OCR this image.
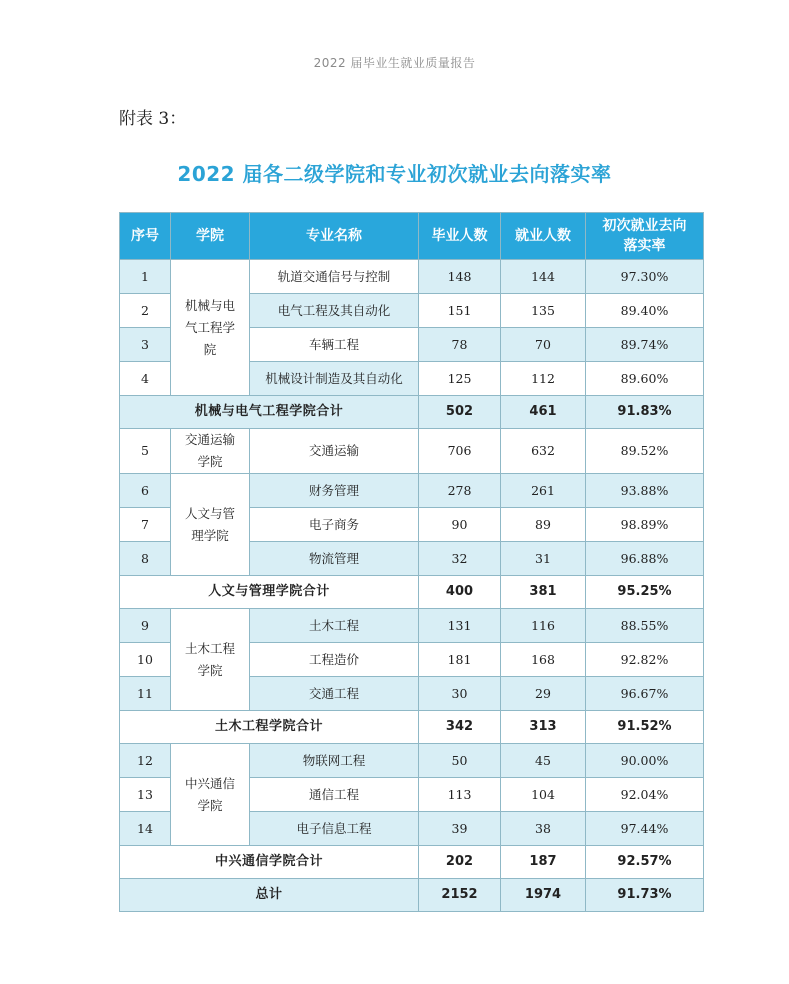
2022 届毕业生就业质量报告
附表 3：
2022 届各二级学院和专业初次就业去向落实率
序号	学院	专业名称	毕业人数	就业人数	初次就业去向落实率
1	机械与电气工程学院	轨道交通信号与控制	148	144	97.30%
2		电气工程及其自动化	151	135	89.40%
3		车辆工程	78	70	89.74%
4		机械设计制造及其自动化	125	112	89.60%
机械与电气工程学院合计			502	461	91.83%
5	交通运输学院	交通运输	706	632	89.52%
6	人文与管理学院	财务管理	278	261	93.88%
7		电子商务	90	89	98.89%
8		物流管理	32	31	96.88%
人文与管理学院合计			400	381	95.25%
9	土木工程学院	土木工程	131	116	88.55%
10		工程造价	181	168	92.82%
11		交通工程	30	29	96.67%
土木工程学院合计			342	313	91.52%
12	中兴通信学院	物联网工程	50	45	90.00%
13		通信工程	113	104	92.04%
14		电子信息工程	39	38	97.44%
中兴通信学院合计			202	187	92.57%
总计			2152	1974	91.73%
